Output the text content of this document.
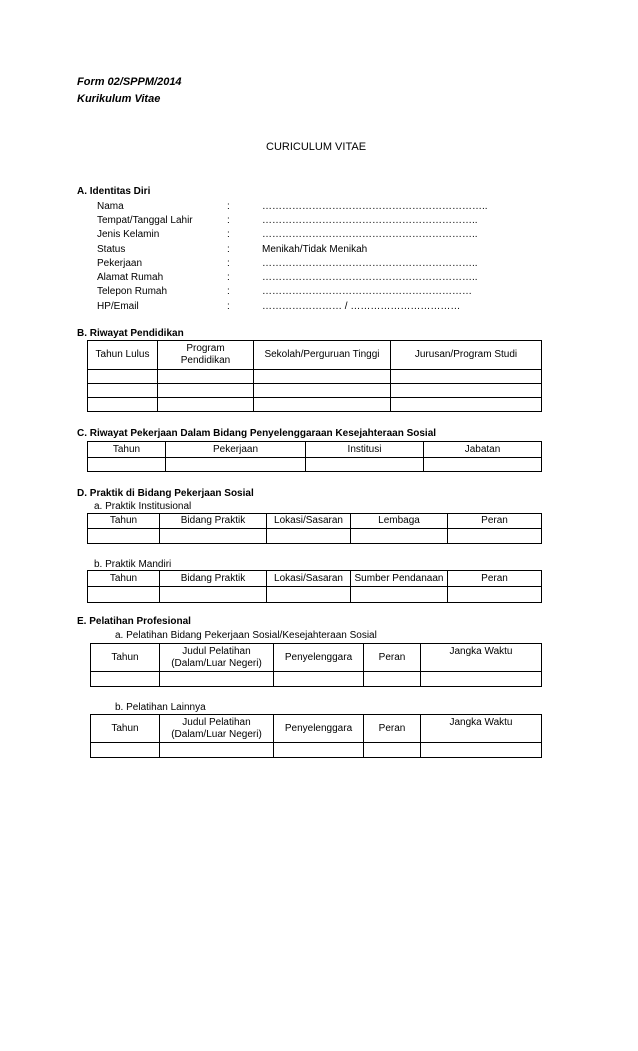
Form 02/SPPM/2014
Kurikulum Vitae
CURICULUM VITAE
A. Identitas Diri
Nama	:	…………………………………………………………..
Tempat/Tanggal Lahir	:	………………………………………………………..
Jenis Kelamin	:	………………………………………………………..
Status	:	Menikah/Tidak Menikah
Pekerjaan	:	………………………………………………………..
Alamat Rumah	:	………………………………………………………..
Telepon Rumah	:	………………………………………………………
HP/Email	:	…………………… / ……………………………
B. Riwayat Pendidikan
Tahun Lulus	Program Pendidikan	Sekolah/Perguruan Tinggi	Jurusan/Program Studi

C. Riwayat Pekerjaan Dalam Bidang Penyelenggaraan Kesejahteraan Sosial
Tahun	Pekerjaan	Institusi	Jabatan

D. Praktik di Bidang Pekerjaan Sosial
a. Praktik Institusional
Tahun	Bidang Praktik	Lokasi/Sasaran	Lembaga	Peran

b. Praktik Mandiri
Tahun	Bidang Praktik	Lokasi/Sasaran	Sumber Pendanaan	Peran

E. Pelatihan Profesional
a. Pelatihan Bidang Pekerjaan Sosial/Kesejahteraan Sosial
Tahun	Judul Pelatihan (Dalam/Luar Negeri)	Penyelenggara	Peran	Jangka Waktu

b. Pelatihan Lainnya
Tahun	Judul Pelatihan (Dalam/Luar Negeri)	Penyelenggara	Peran	Jangka Waktu
